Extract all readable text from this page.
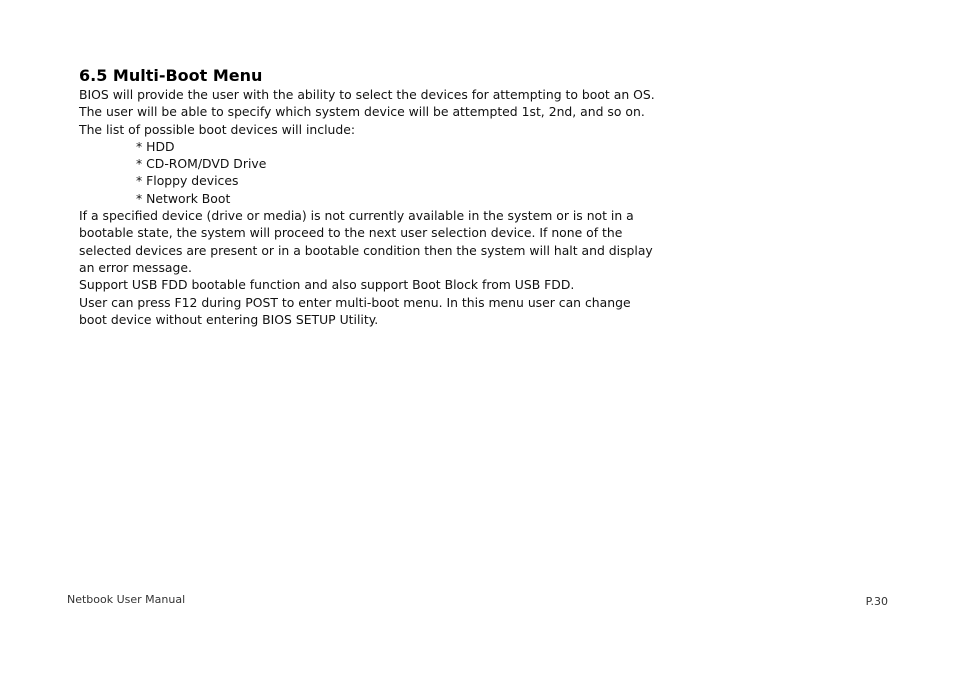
6.5 Multi-Boot Menu

BIOS will provide the user with the ability to select the devices for attempting to boot an OS. The user will be able to specify which system device will be attempted 1st, 2nd, and so on. The list of possible boot devices will include:

* HDD
* CD-ROM/DVD Drive
* Floppy devices
* Network Boot

If a specified device (drive or media) is not currently available in the system or is not in a bootable state, the system will proceed to the next user selection device. If none of the selected devices are present or in a bootable condition then the system will halt and display an error message.

Support USB FDD bootable function and also support Boot Block from USB FDD.

User can press F12 during POST to enter multi-boot menu. In this menu user can change boot device without entering BIOS SETUP Utility.

Netbook User Manual	P.30
